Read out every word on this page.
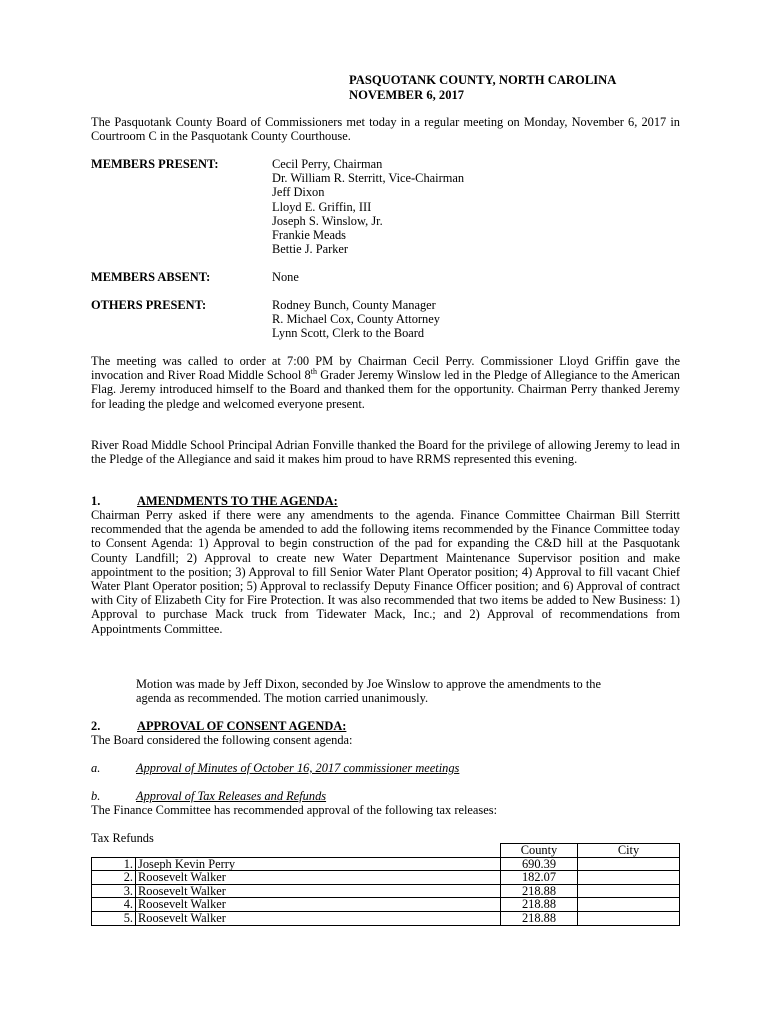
PASQUOTANK COUNTY, NORTH CAROLINA
NOVEMBER 6, 2017
The Pasquotank County Board of Commissioners met today in a regular meeting on Monday, November 6, 2017 in Courtroom C in the Pasquotank County Courthouse.
MEMBERS PRESENT:	Cecil Perry, Chairman
Dr. William R. Sterritt, Vice-Chairman
Jeff Dixon
Lloyd E. Griffin, III
Joseph S. Winslow, Jr.
Frankie Meads
Bettie J. Parker
MEMBERS ABSENT:	None
OTHERS PRESENT:	Rodney Bunch, County Manager
R. Michael Cox, County Attorney
Lynn Scott, Clerk to the Board
The meeting was called to order at 7:00 PM by Chairman Cecil Perry. Commissioner Lloyd Griffin gave the invocation and River Road Middle School 8th Grader Jeremy Winslow led in the Pledge of Allegiance to the American Flag. Jeremy introduced himself to the Board and thanked them for the opportunity. Chairman Perry thanked Jeremy for leading the pledge and welcomed everyone present.
River Road Middle School Principal Adrian Fonville thanked the Board for the privilege of allowing Jeremy to lead in the Pledge of the Allegiance and said it makes him proud to have RRMS represented this evening.
1.	AMENDMENTS TO THE AGENDA:
Chairman Perry asked if there were any amendments to the agenda. Finance Committee Chairman Bill Sterritt recommended that the agenda be amended to add the following items recommended by the Finance Committee today to Consent Agenda: 1) Approval to begin construction of the pad for expanding the C&D hill at the Pasquotank County Landfill; 2) Approval to create new Water Department Maintenance Supervisor position and make appointment to the position; 3) Approval to fill Senior Water Plant Operator position; 4) Approval to fill vacant Chief Water Plant Operator position; 5) Approval to reclassify Deputy Finance Officer position; and 6) Approval of contract with City of Elizabeth City for Fire Protection. It was also recommended that two items be added to New Business: 1) Approval to purchase Mack truck from Tidewater Mack, Inc.; and 2) Approval of recommendations from Appointments Committee.
Motion was made by Jeff Dixon, seconded by Joe Winslow to approve the amendments to the agenda as recommended. The motion carried unanimously.
2.	APPROVAL OF CONSENT AGENDA:
The Board considered the following consent agenda:
a.	Approval of Minutes of October 16, 2017 commissioner meetings
b.	Approval of Tax Releases and Refunds
The Finance Committee has recommended approval of the following tax releases:
Tax Refunds
		County	City
1.	Joseph Kevin Perry	690.39	
2.	Roosevelt Walker	182.07	
3.	Roosevelt Walker	218.88	
4.	Roosevelt Walker	218.88	
5.	Roosevelt Walker	218.88	
